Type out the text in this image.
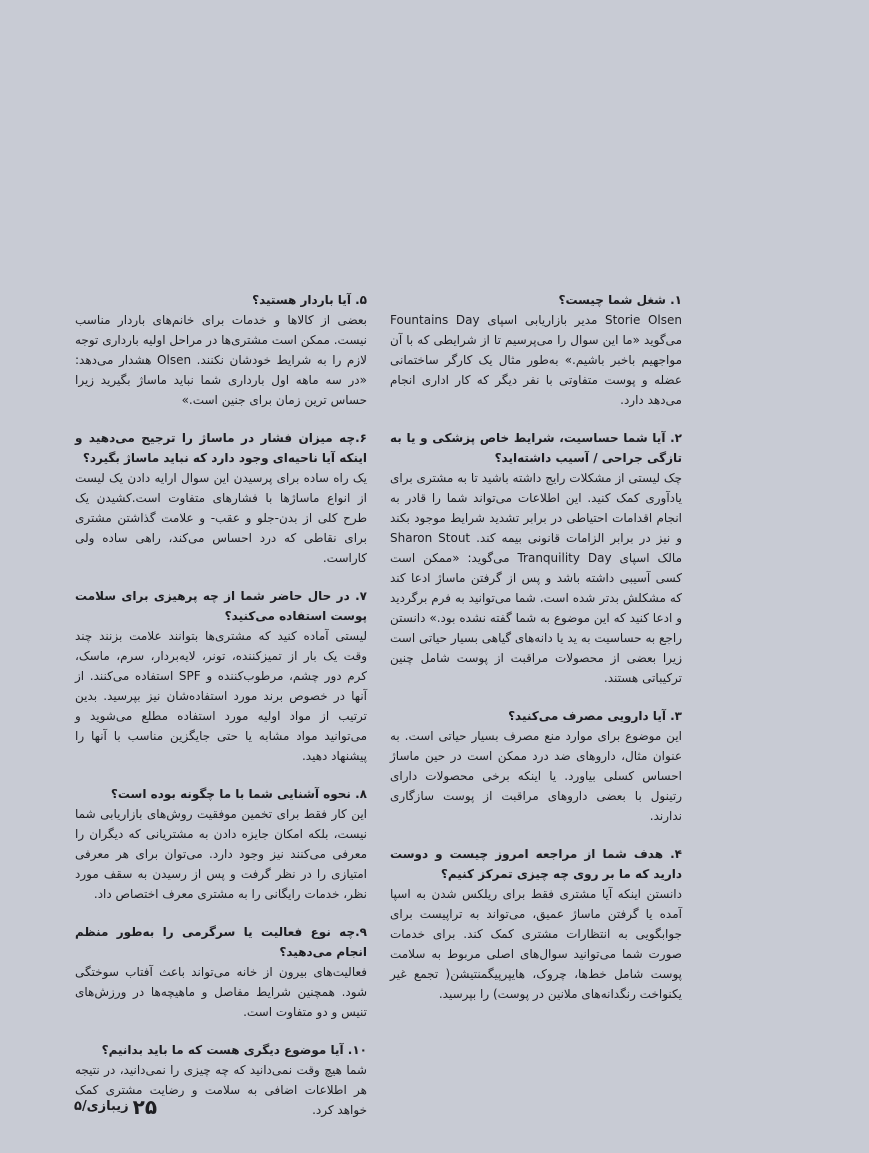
۱. شغل شما چیست؟

Storie Olsen مدیر بازاریابی اسپای Fountains Day می‌گوید «ما این سوال را می‌پرسیم تا از شرایطی که با آن مواجهیم باخبر باشیم.» به‌طور مثال یک کارگر ساختمانی عضله و پوست متفاوتی با نفر دیگر که کار اداری انجام می‌دهد دارد.

۲. آیا شما حساسیت، شرایط خاص پزشکی و یا به تازگی جراحی / آسیب داشته‌اید؟

چک لیستی از مشکلات رایج داشته باشید تا به مشتری برای یادآوری کمک کنید. این اطلاعات می‌تواند شما را قادر به انجام اقدامات احتیاطی در برابر تشدید شرایط موجود بکند و نیز در برابر الزامات قانونی بیمه کند. Sharon Stout مالک اسپای Tranquility Day می‌گوید: «ممکن است کسی آسیبی داشته باشد و پس از گرفتن ماساژ ادعا کند که مشکلش بدتر شده است. شما می‌توانید به فرم برگردید و ادعا کنید که این موضوع به شما گفته نشده بود.» دانستن راجع به حساسیت به ید یا دانه‌های گیاهی بسیار حیاتی است زیرا بعضی از محصولات مراقبت از پوست شامل چنین ترکیباتی هستند.

۳. آیا دارویی مصرف می‌کنید؟

این موضوع برای موارد منع مصرف بسیار حیاتی است. به عنوان مثال، داروهای ضد درد ممکن است در حین ماساژ احساس کسلی بیاورد. یا اینکه برخی محصولات دارای رتینول با بعضی داروهای مراقبت از پوست سازگاری ندارند.

۴. هدف شما از مراجعه امروز چیست و دوست دارید که ما بر روی چه چیزی تمرکز کنیم؟

دانستن اینکه آیا مشتری فقط برای ریلکس شدن به اسپا آمده یا گرفتن ماساژ عمیق، می‌تواند به تراپیست برای جوابگویی به انتظارات مشتری کمک کند. برای خدمات صورت شما می‌توانید سوال‌های اصلی مربوط به سلامت پوست شامل خط‌ها، چروک، هایپرپیگمنتیشن( تجمع غیر یکنواخت رنگدانه‌های ملانین در پوست) را بپرسید.

۵. آیا باردار هستید؟

بعضی از کالاها و خدمات برای خانم‌های باردار مناسب نیست. ممکن است مشتری‌ها در مراحل اولیه بارداری توجه لازم را به شرایط خودشان نکنند. Olsen هشدار می‌دهد: «در سه ماهه اول بارداری شما نباید ماساژ بگیرید زیرا حساس ترین زمان برای جنین است.»

۶.چه میزان فشار در ماساژ را ترجیح می‌دهید و اینکه آیا ناحیه‌ای وجود دارد که نباید ماساژ بگیرد؟

یک راه ساده برای پرسیدن این سوال ارایه دادن یک لیست از انواع ماساژها با فشارهای متفاوت است.کشیدن یک طرح کلی از بدن-جلو و عقب- و علامت گذاشتن مشتری برای نقاطی که درد احساس می‌کند، راهی ساده ولی کاراست.

۷. در حال حاضر شما از چه پرهیزی برای سلامت پوست استفاده می‌کنید؟

لیستی آماده کنید که مشتری‌ها بتوانند علامت بزنند چند وقت یک بار از تمیزکننده، تونر، لایه‌بردار، سرم، ماسک، کرم دور چشم، مرطوب‌کننده و SPF استفاده می‌کنند. از آنها در خصوص برند مورد استفاده‌شان نیز بپرسید. بدین ترتیب از مواد اولیه مورد استفاده مطلع می‌شوید و می‌توانید مواد مشابه یا حتی جایگزین مناسب با آنها را پیشنهاد دهید.

۸. نحوه آشنایی شما با ما چگونه بوده است؟

این کار فقط برای تخمین موفقیت روش‌های بازاریابی شما نیست، بلکه امکان جایزه دادن به مشتریانی که دیگران را معرفی می‌کنند نیز وجود دارد. می‌توان برای هر معرفی امتیازی را در نظر گرفت و پس از رسیدن به سقف مورد نظر، خدمات رایگانی را به مشتری معرف اختصاص داد.

۹.چه نوع فعالیت یا سرگرمی را به‌طور منظم انجام می‌دهید؟

فعالیت‌های بیرون از خانه می‌تواند باعث آفتاب سوختگی شود. همچنین شرایط مفاصل و ماهیچه‌ها در ورزش‌های تنیس و دو متفاوت است.

۱۰. آیا موضوع دیگری هست که ما باید بدانیم؟

شما هیچ وقت نمی‌دانید که چه چیزی را نمی‌دانید، در نتیجه هر اطلاعات اضافی به سلامت و رضایت مشتری کمک خواهد کرد.

۲۵
زیبازی/۵
